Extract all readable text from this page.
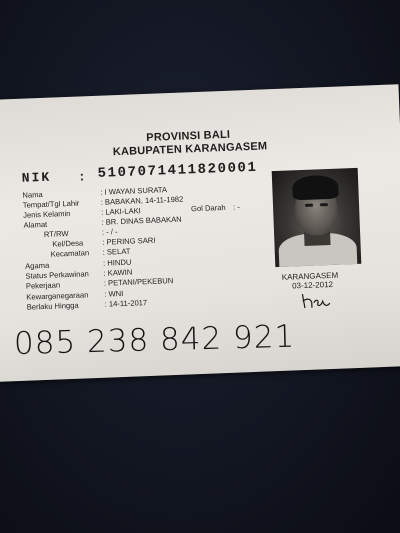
PROVINSI BALI
KABUPATEN KARANGASEM
NIK : 5107071411820001
Nama	: I WAYAN SURATA
Tempat/Tgl Lahir	: BABAKAN, 14-11-1982
Jenis Kelamin	: LAKI-LAKI	Gol Darah : -
Alamat	: BR. DINAS BABAKAN
RT/RW	: - / -
Kel/Desa : PERING SARI
Kecamatan : SELAT
Agama	: HINDU
Status Perkawinan : KAWIN
Pekerjaan	: PETANI/PEKEBUN
Kewarganegaraan : WNI
Berlaku Hingga	: 14-11-2017
KARANGASEM
03-12-2012
085 238 842 921
